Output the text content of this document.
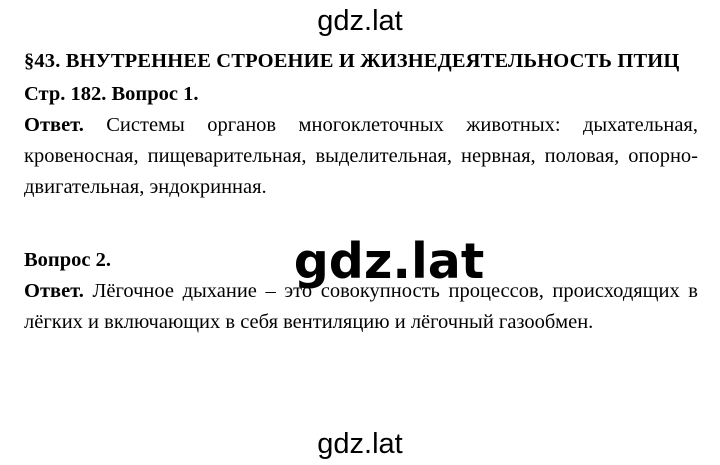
gdz.lat

§43. ВНУТРЕННЕЕ СТРОЕНИЕ И ЖИЗНЕДЕЯТЕЛЬНОСТЬ ПТИЦ

Стр. 182. Вопрос 1.

Ответ. Системы органов многоклеточных животных: дыхательная, кровеносная, пищеварительная, выделительная, нервная, половая, опорно-двигательная, эндокринная.

Вопрос 2.

Ответ. Лёгочное дыхание – это совокупность процессов, происходящих в лёгких и включающих в себя вентиляцию и лёгочный газообмен.

gdz.lat
gdz.lat
